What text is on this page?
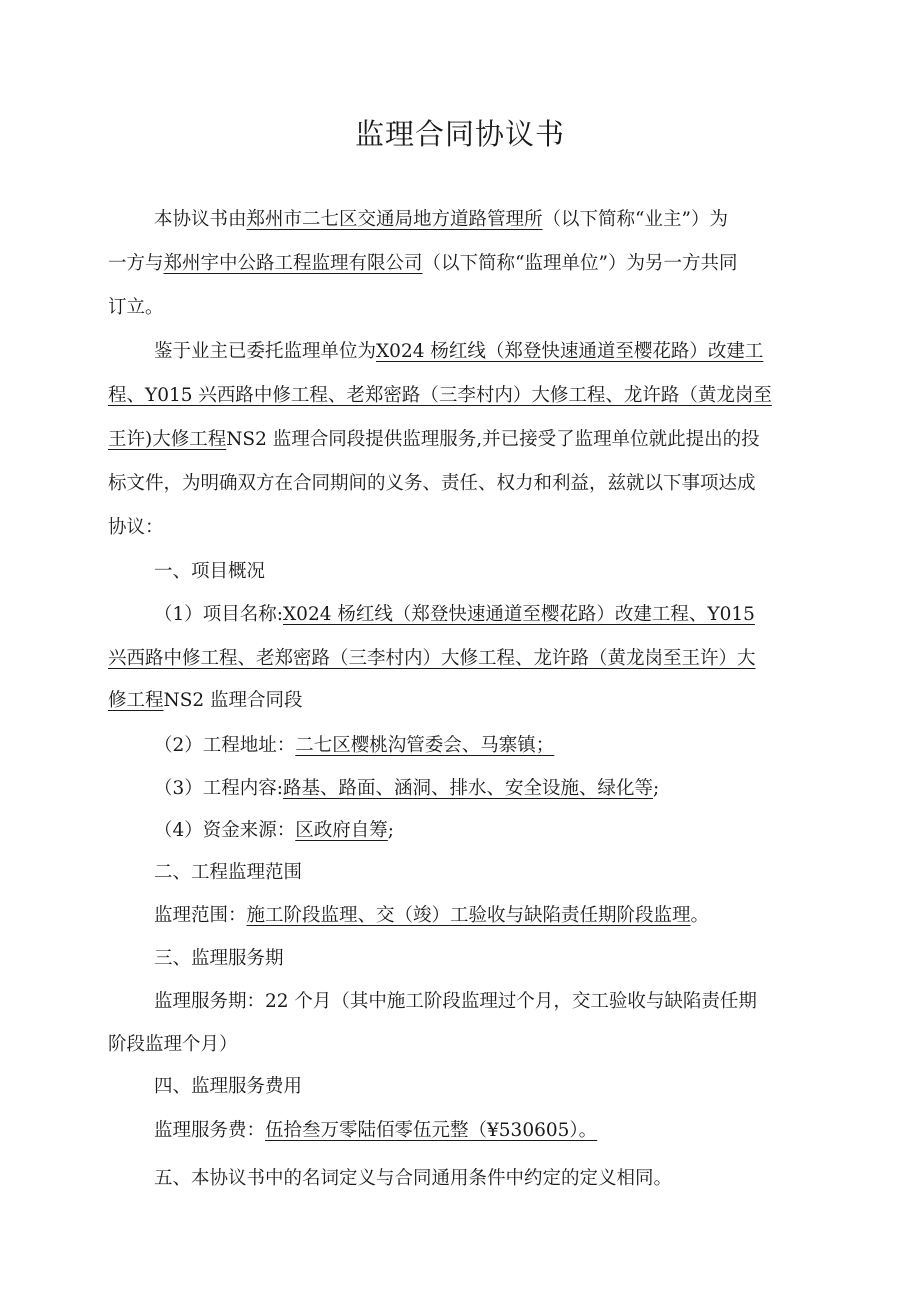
监理合同协议书
本协议书由郑州市二七区交通局地方道路管理所（以下简称“业主”）为
一方与郑州宇中公路工程监理有限公司（以下简称“监理单位”）为另一方共同
订立。
鉴于业主已委托监理单位为X024 杨红线（郑登快速通道至樱花路）改建工
程、Y015 兴西路中修工程、老郑密路（三李村内）大修工程、龙许路（黄龙岗至
王许)大修工程NS2 监理合同段提供监理服务,并已接受了监理单位就此提出的投
标文件，为明确双方在合同期间的义务、责任、权力和利益，兹就以下事项达成
协议：
一、项目概况
（1）项目名称:X024 杨红线（郑登快速通道至樱花路）改建工程、Y015
兴西路中修工程、老郑密路（三李村内）大修工程、龙许路（黄龙岗至王许）大
修工程NS2 监理合同段
（2）工程地址：二七区樱桃沟管委会、马寨镇；
（3）工程内容:路基、路面、涵洞、排水、安全设施、绿化等;
（4）资金来源：区政府自筹;
二、工程监理范围
监理范围：施工阶段监理、交（竣）工验收与缺陷责任期阶段监理。
三、监理服务期
监理服务期：22 个月（其中施工阶段监理过个月，交工验收与缺陷责任期
阶段监理个月）
四、监理服务费用
监理服务费：伍拾叁万零陆佰零伍元整（¥530605）。
五、本协议书中的名词定义与合同通用条件中约定的定义相同。
